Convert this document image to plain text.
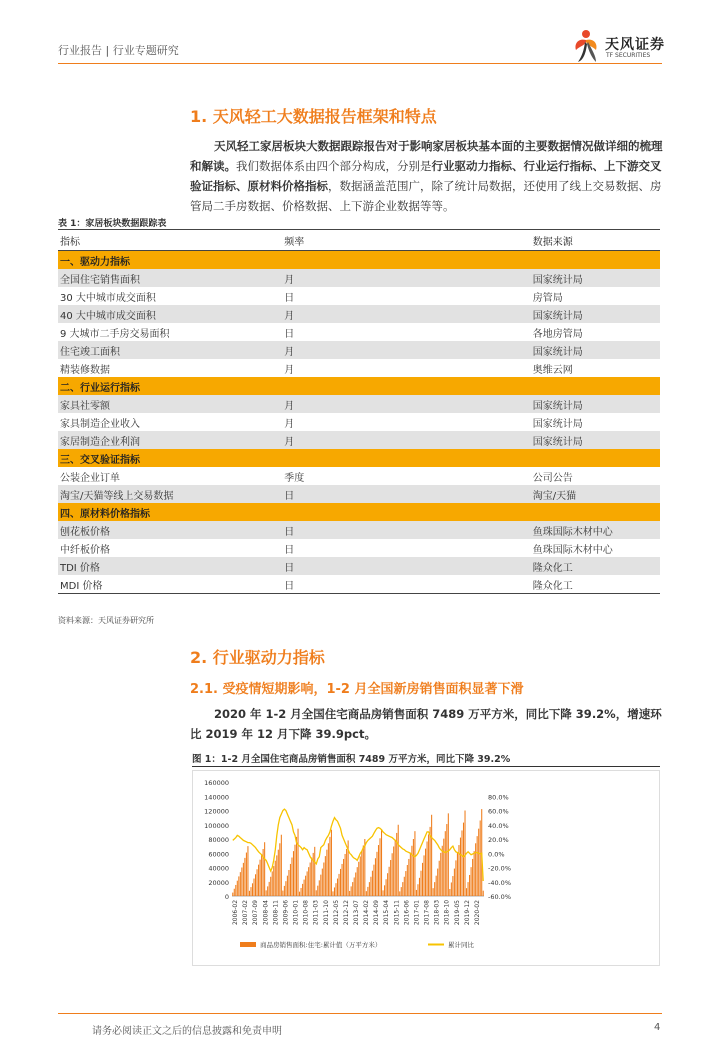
行业报告 | 行业专题研究	天风证券
TF SECURITIES
1. 天风轻工大数据报告框架和特点
天风轻工家居板块大数据跟踪报告对于影响家居板块基本面的主要数据情况做详细的梳理和解读。我们数据体系由四个部分构成，分别是行业驱动力指标、行业运行指标、上下游交叉验证指标、原材料价格指标，数据涵盖范围广，除了统计局数据，还使用了线上交易数据、房管局二手房数据、价格数据、上下游企业数据等等。
表 1：家居板块数据跟踪表
指标	频率	数据来源
一、驱动力指标		
全国住宅销售面积	月	国家统计局
30 大中城市成交面积	日	房管局
40 大中城市成交面积	月	国家统计局
9 大城市二手房交易面积	日	各地房管局
住宅竣工面积	月	国家统计局
精装修数据	月	奥维云网
二、行业运行指标		
家具社零额	月	国家统计局
家具制造企业收入	月	国家统计局
家居制造企业利润	月	国家统计局
三、交叉验证指标		
公装企业订单	季度	公司公告
淘宝/天猫等线上交易数据	日	淘宝/天猫
四、原材料价格指标		
刨花板价格	日	鱼珠国际木材中心
中纤板价格	日	鱼珠国际木材中心
TDI 价格	日	隆众化工
MDI 价格	日	隆众化工
资料来源：天风证券研究所
2. 行业驱动力指标
2.1. 受疫情短期影响，1-2 月全国新房销售面积显著下滑
2020 年 1-2 月全国住宅商品房销售面积 7489 万平方米，同比下降 39.2%，增速环比 2019 年 12 月下降 39.9pct。
图 1：1-2 月全国住宅商品房销售面积 7489 万平方米，同比下降 39.2%
0
20000
40000
60000
80000
100000
120000
140000
160000
-60.0%
-40.0%
-20.0%
0.0%
20.0%
40.0%
60.0%
80.0%
2006-02 2007-02 2007-09 2008-04 2008-11 2009-06 2010-01 2010-08 2011-03 2011-10 2012-05 2012-12 2013-07 2014-02 2014-09 2015-04 2015-11 2016-06 2017-01 2017-08 2018-03 2018-10 2019-05 2019-12 2020-02
商品房销售面积:住宅:累计值（万平方米）	累计同比
请务必阅读正文之后的信息披露和免责申明	4
